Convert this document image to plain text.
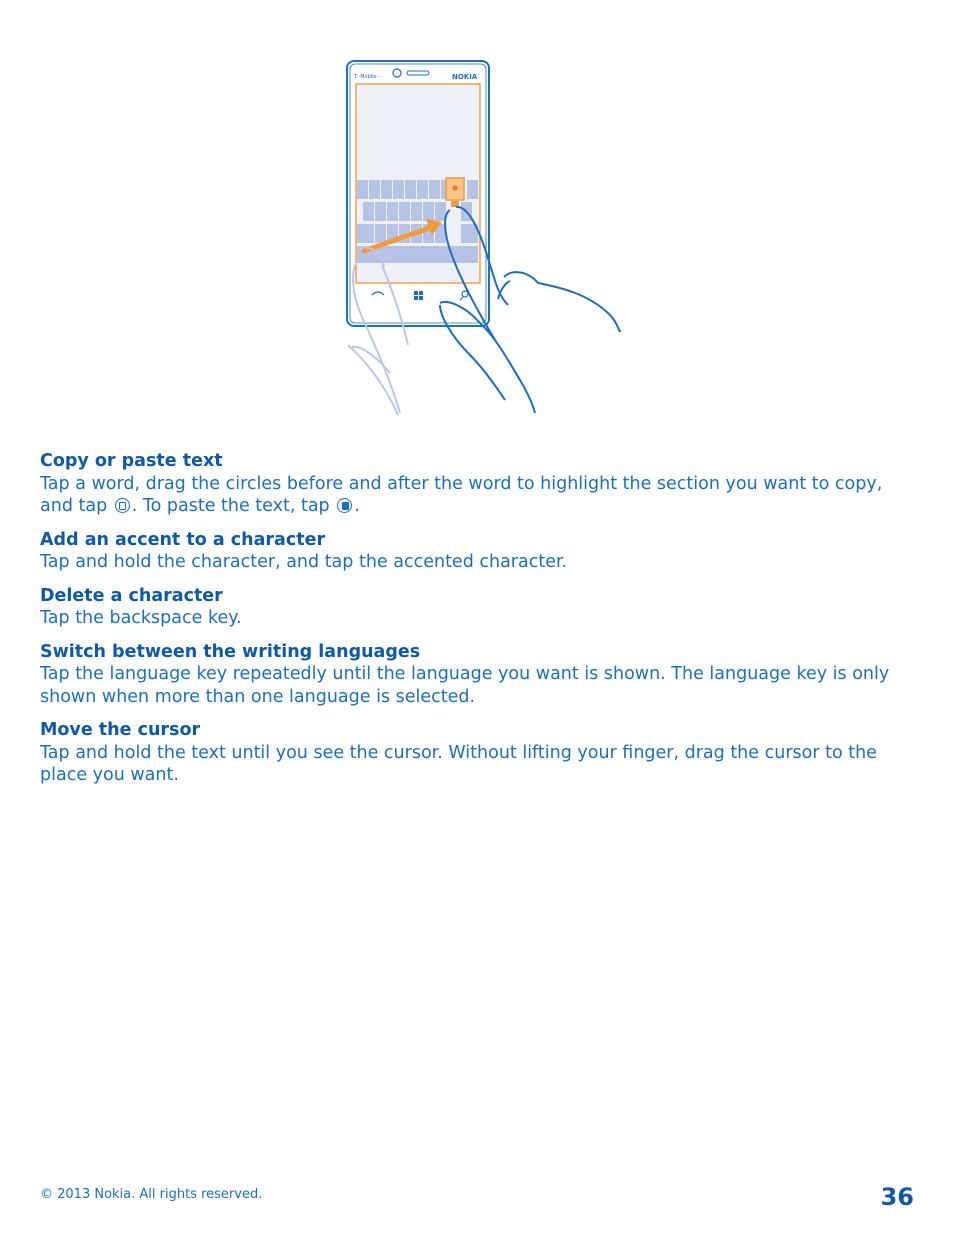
T··Mobile···	NOKIA
Copy or paste text

Tap a word, drag the circles before and after the word to highlight the section you want to copy, and tap . To paste the text, tap .

Add an accent to a character

Tap and hold the character, and tap the accented character.

Delete a character

Tap the backspace key.

Switch between the writing languages

Tap the language key repeatedly until the language you want is shown. The language key is only shown when more than one language is selected.

Move the cursor

Tap and hold the text until you see the cursor. Without lifting your finger, drag the cursor to the place you want.

© 2013 Nokia. All rights reserved.	36
